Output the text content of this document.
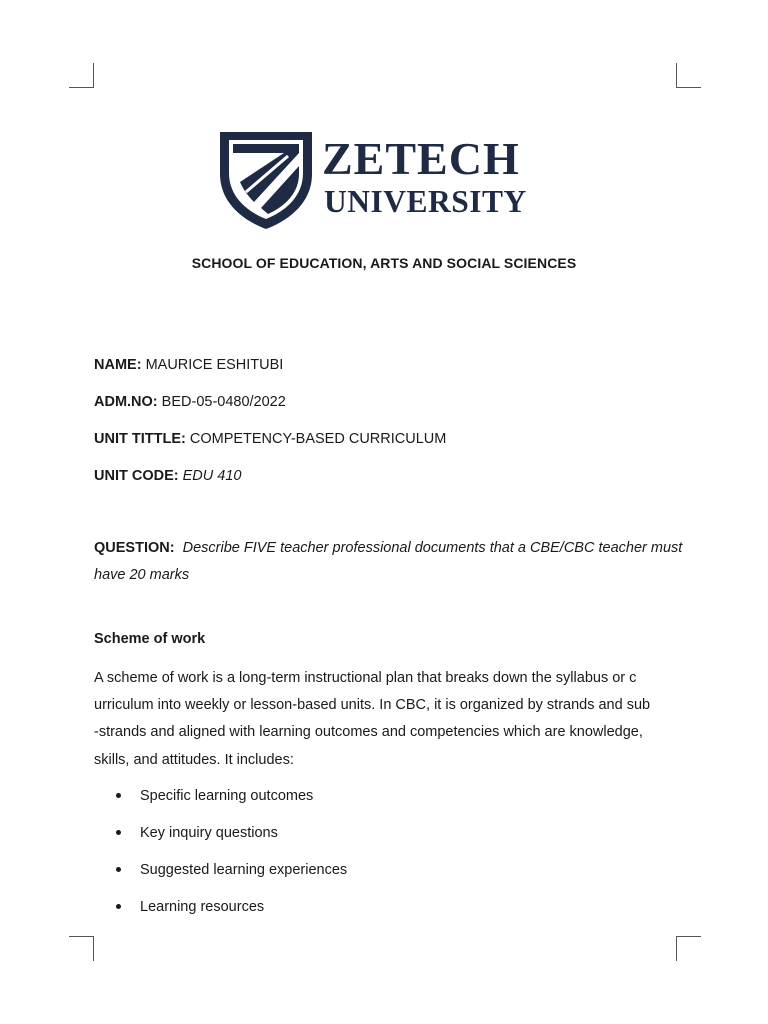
ZETECH
UNIVERSITY
SCHOOL OF EDUCATION, ARTS AND SOCIAL SCIENCES
NAME: MAURICE ESHITUBI
ADM.NO: BED-05-0480/2022
UNIT TITTLE: COMPETENCY-BASED CURRICULUM
UNIT CODE: EDU 410
QUESTION: Describe FIVE teacher professional documents that a CBE/CBC teacher must have 20 marks
Scheme of work

A scheme of work is a long-term instructional plan that breaks down the syllabus or c
urriculum into weekly or lesson-based units. In CBC, it is organized by strands and sub
-strands and aligned with learning outcomes and competencies which are knowledge,
skills, and attitudes. It includes:

Specific learning outcomes
Key inquiry questions
Suggested learning experiences
Learning resources
